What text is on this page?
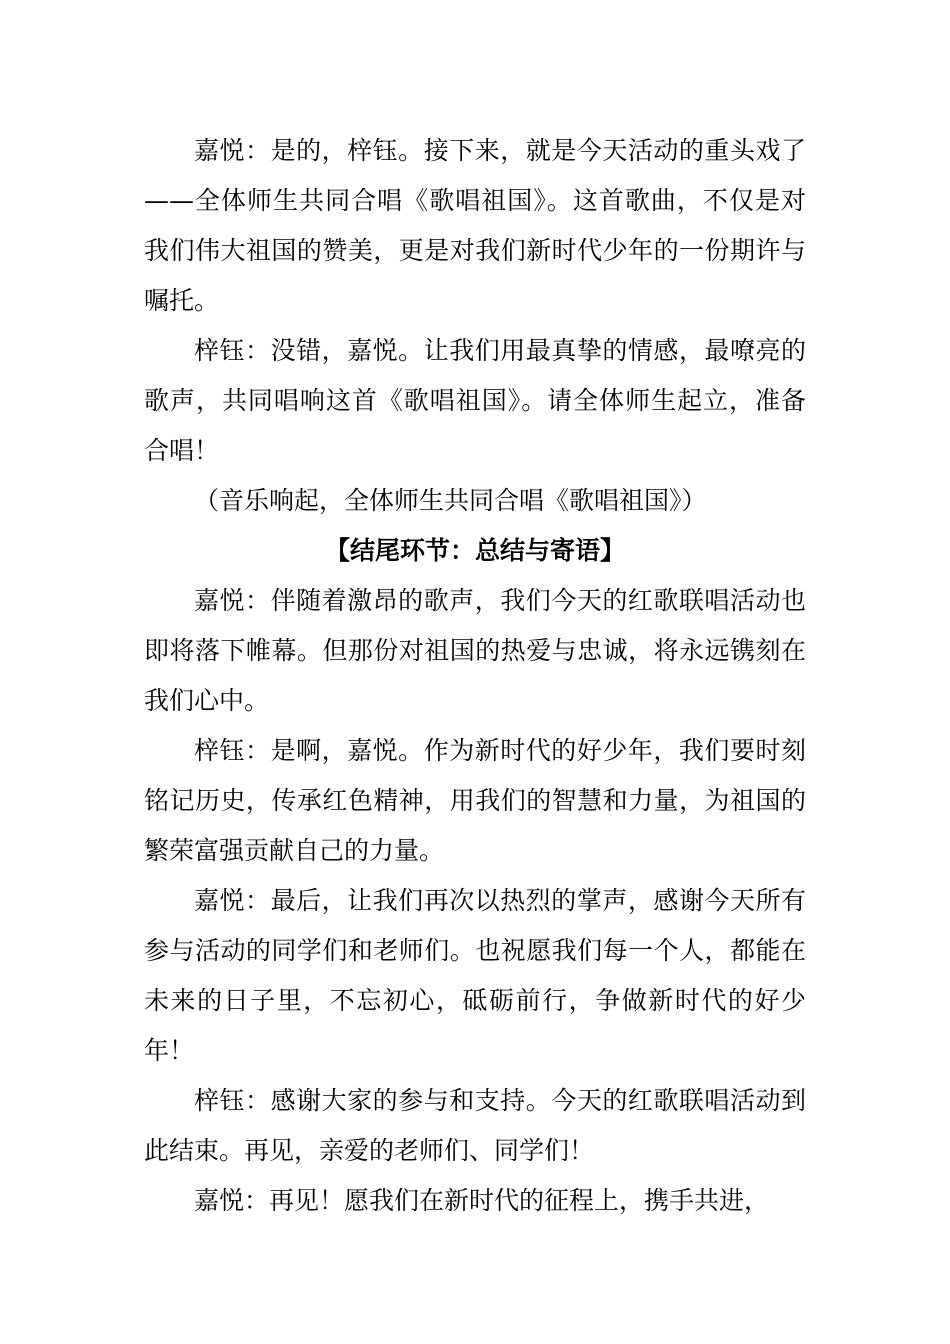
嘉悦：是的，梓钰。接下来，就是今天活动的重头戏了——全体师生共同合唱《歌唱祖国》。这首歌曲，不仅是对我们伟大祖国的赞美，更是对我们新时代少年的一份期许与嘱托。

梓钰：没错，嘉悦。让我们用最真挚的情感，最嘹亮的歌声，共同唱响这首《歌唱祖国》。请全体师生起立，准备合唱！

（音乐响起，全体师生共同合唱《歌唱祖国》）

【结尾环节：总结与寄语】

嘉悦：伴随着激昂的歌声，我们今天的红歌联唱活动也即将落下帷幕。但那份对祖国的热爱与忠诚，将永远镌刻在我们心中。

梓钰：是啊，嘉悦。作为新时代的好少年，我们要时刻铭记历史，传承红色精神，用我们的智慧和力量，为祖国的繁荣富强贡献自己的力量。

嘉悦：最后，让我们再次以热烈的掌声，感谢今天所有参与活动的同学们和老师们。也祝愿我们每一个人，都能在未来的日子里，不忘初心，砥砺前行，争做新时代的好少年！

梓钰：感谢大家的参与和支持。今天的红歌联唱活动到此结束。再见，亲爱的老师们、同学们！

嘉悦：再见！愿我们在新时代的征程上，携手共进，
